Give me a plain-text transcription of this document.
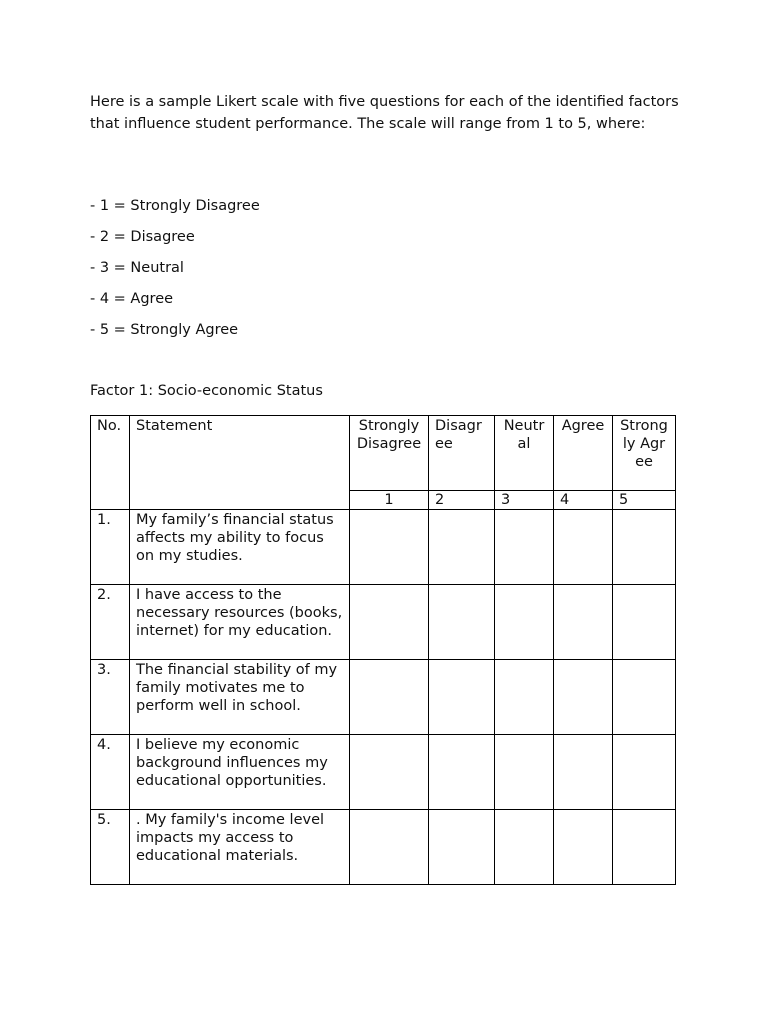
Here is a sample Likert scale with five questions for each of the identified factors that influence student performance. The scale will range from 1 to 5, where:

- 1 = Strongly Disagree
- 2 = Disagree
- 3 = Neutral
- 4 = Agree
- 5 = Strongly Agree
Factor 1: Socio-economic Status
No.	Statement	Strongly Disagree	Disagree	Neutral	Agree	Strongly Agree
		1	2	3	4	5
1.	My family’s financial status affects my ability to focus on my studies.					
2.	I have access to the necessary resources (books, internet) for my education.					
3.	The financial stability of my family motivates me to perform well in school.					
4.	I believe my economic background influences my educational opportunities.					
5.	. My family's income level impacts my access to educational materials.					
